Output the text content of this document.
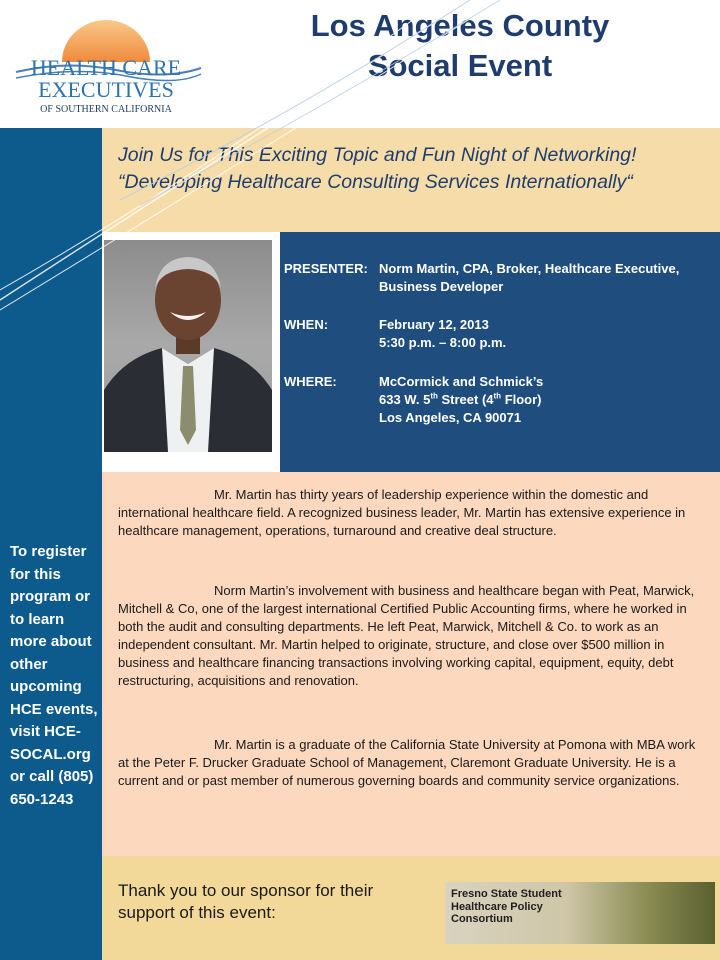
HEALTH CARE
EXECUTIVES
OF SOUTHERN CALIFORNIA
Los Angeles County
Social Event
To register for this program or to learn more about other upcoming HCE events, visit HCE-SOCAL.org or call (805) 650-1243
Join Us for This Exciting Topic and Fun Night of Networking!
“Developing Healthcare Consulting Services Internationally“
PRESENTER: Norm Martin, CPA, Broker, Healthcare Executive,
Business Developer
WHEN:	February 12, 2013
5:30 p.m. – 8:00 p.m.
WHERE:	McCormick and Schmick’s
633 W. 5th Street (4th Floor)
Los Angeles, CA 90071

Mr. Martin has thirty years of leadership experience within the domestic and international healthcare field. A recognized business leader, Mr. Martin has extensive experience in healthcare management, operations, turnaround and creative deal structure.

Norm Martin’s involvement with business and healthcare began with Peat, Marwick, Mitchell & Co, one of the largest international Certified Public Accounting firms, where he worked in both the audit and consulting departments. He left Peat, Marwick, Mitchell & Co. to work as an independent consultant. Mr. Martin helped to originate, structure, and close over $500 million in business and healthcare financing transactions involving working capital, equipment, equity, debt restructuring, acquisitions and renovation.

Mr. Martin is a graduate of the California State University at Pomona with MBA work at the Peter F. Drucker Graduate School of Management, Claremont Graduate University. He is a current and or past member of numerous governing boards and community service organizations.

Thank you to our sponsor for their support of this event:
Fresno State Student
Healthcare Policy
Consortium
